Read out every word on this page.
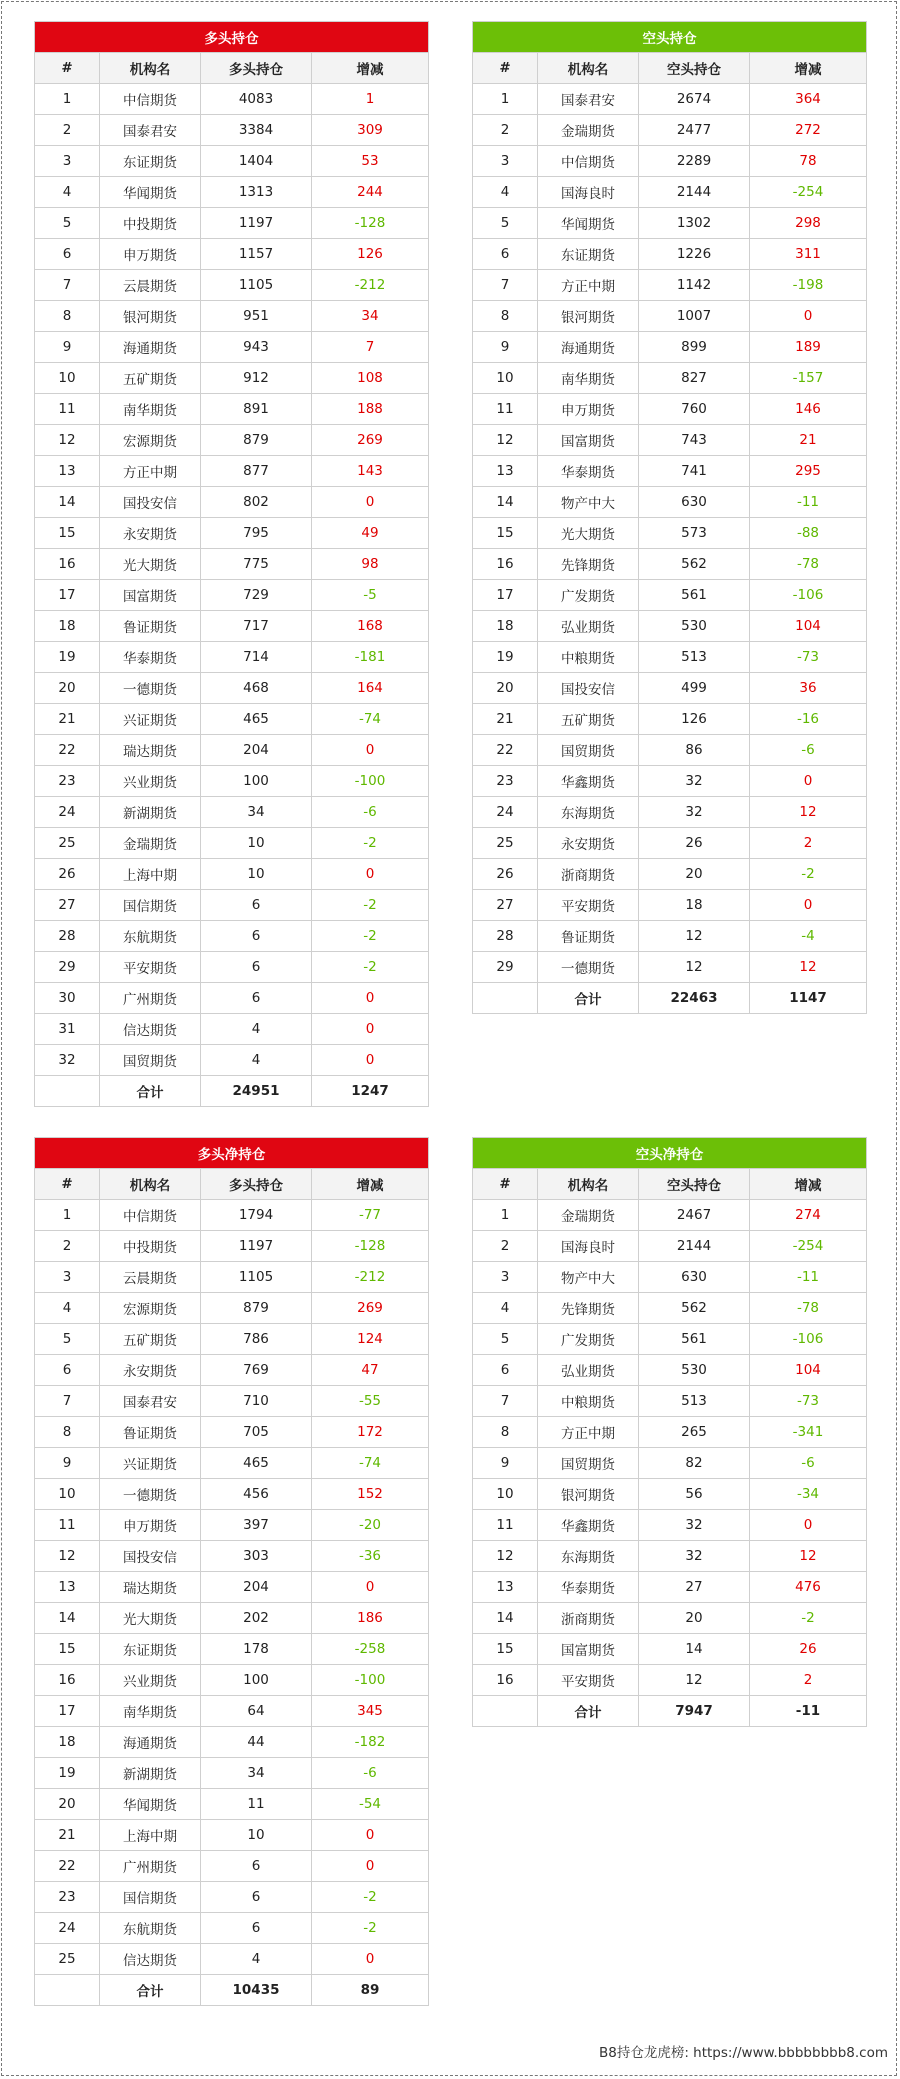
多头持仓			
#	机构名	多头持仓	增减
1	中信期货	4083	1
2	国泰君安	3384	309
3	东证期货	1404	53
4	华闻期货	1313	244
5	中投期货	1197	-128
6	申万期货	1157	126
7	云晨期货	1105	-212
8	银河期货	951	34
9	海通期货	943	7
10	五矿期货	912	108
11	南华期货	891	188
12	宏源期货	879	269
13	方正中期	877	143
14	国投安信	802	0
15	永安期货	795	49
16	光大期货	775	98
17	国富期货	729	-5
18	鲁证期货	717	168
19	华泰期货	714	-181
20	一德期货	468	164
21	兴证期货	465	-74
22	瑞达期货	204	0
23	兴业期货	100	-100
24	新湖期货	34	-6
25	金瑞期货	10	-2
26	上海中期	10	0
27	国信期货	6	-2
28	东航期货	6	-2
29	平安期货	6	-2
30	广州期货	6	0
31	信达期货	4	0
32	国贸期货	4	0
	合计	24951	1247
空头持仓			
#	机构名	空头持仓	增减
1	国泰君安	2674	364
2	金瑞期货	2477	272
3	中信期货	2289	78
4	国海良时	2144	-254
5	华闻期货	1302	298
6	东证期货	1226	311
7	方正中期	1142	-198
8	银河期货	1007	0
9	海通期货	899	189
10	南华期货	827	-157
11	申万期货	760	146
12	国富期货	743	21
13	华泰期货	741	295
14	物产中大	630	-11
15	光大期货	573	-88
16	先锋期货	562	-78
17	广发期货	561	-106
18	弘业期货	530	104
19	中粮期货	513	-73
20	国投安信	499	36
21	五矿期货	126	-16
22	国贸期货	86	-6
23	华鑫期货	32	0
24	东海期货	32	12
25	永安期货	26	2
26	浙商期货	20	-2
27	平安期货	18	0
28	鲁证期货	12	-4
29	一德期货	12	12
	合计	22463	1147
多头净持仓			
#	机构名	多头持仓	增减
1	中信期货	1794	-77
2	中投期货	1197	-128
3	云晨期货	1105	-212
4	宏源期货	879	269
5	五矿期货	786	124
6	永安期货	769	47
7	国泰君安	710	-55
8	鲁证期货	705	172
9	兴证期货	465	-74
10	一德期货	456	152
11	申万期货	397	-20
12	国投安信	303	-36
13	瑞达期货	204	0
14	光大期货	202	186
15	东证期货	178	-258
16	兴业期货	100	-100
17	南华期货	64	345
18	海通期货	44	-182
19	新湖期货	34	-6
20	华闻期货	11	-54
21	上海中期	10	0
22	广州期货	6	0
23	国信期货	6	-2
24	东航期货	6	-2
25	信达期货	4	0
	合计	10435	89
空头净持仓			
#	机构名	空头持仓	增减
1	金瑞期货	2467	274
2	国海良时	2144	-254
3	物产中大	630	-11
4	先锋期货	562	-78
5	广发期货	561	-106
6	弘业期货	530	104
7	中粮期货	513	-73
8	方正中期	265	-341
9	国贸期货	82	-6
10	银河期货	56	-34
11	华鑫期货	32	0
12	东海期货	32	12
13	华泰期货	27	476
14	浙商期货	20	-2
15	国富期货	14	26
16	平安期货	12	2
	合计	7947	-11
B8持仓龙虎榜: https://www.bbbbbbbb8.com
